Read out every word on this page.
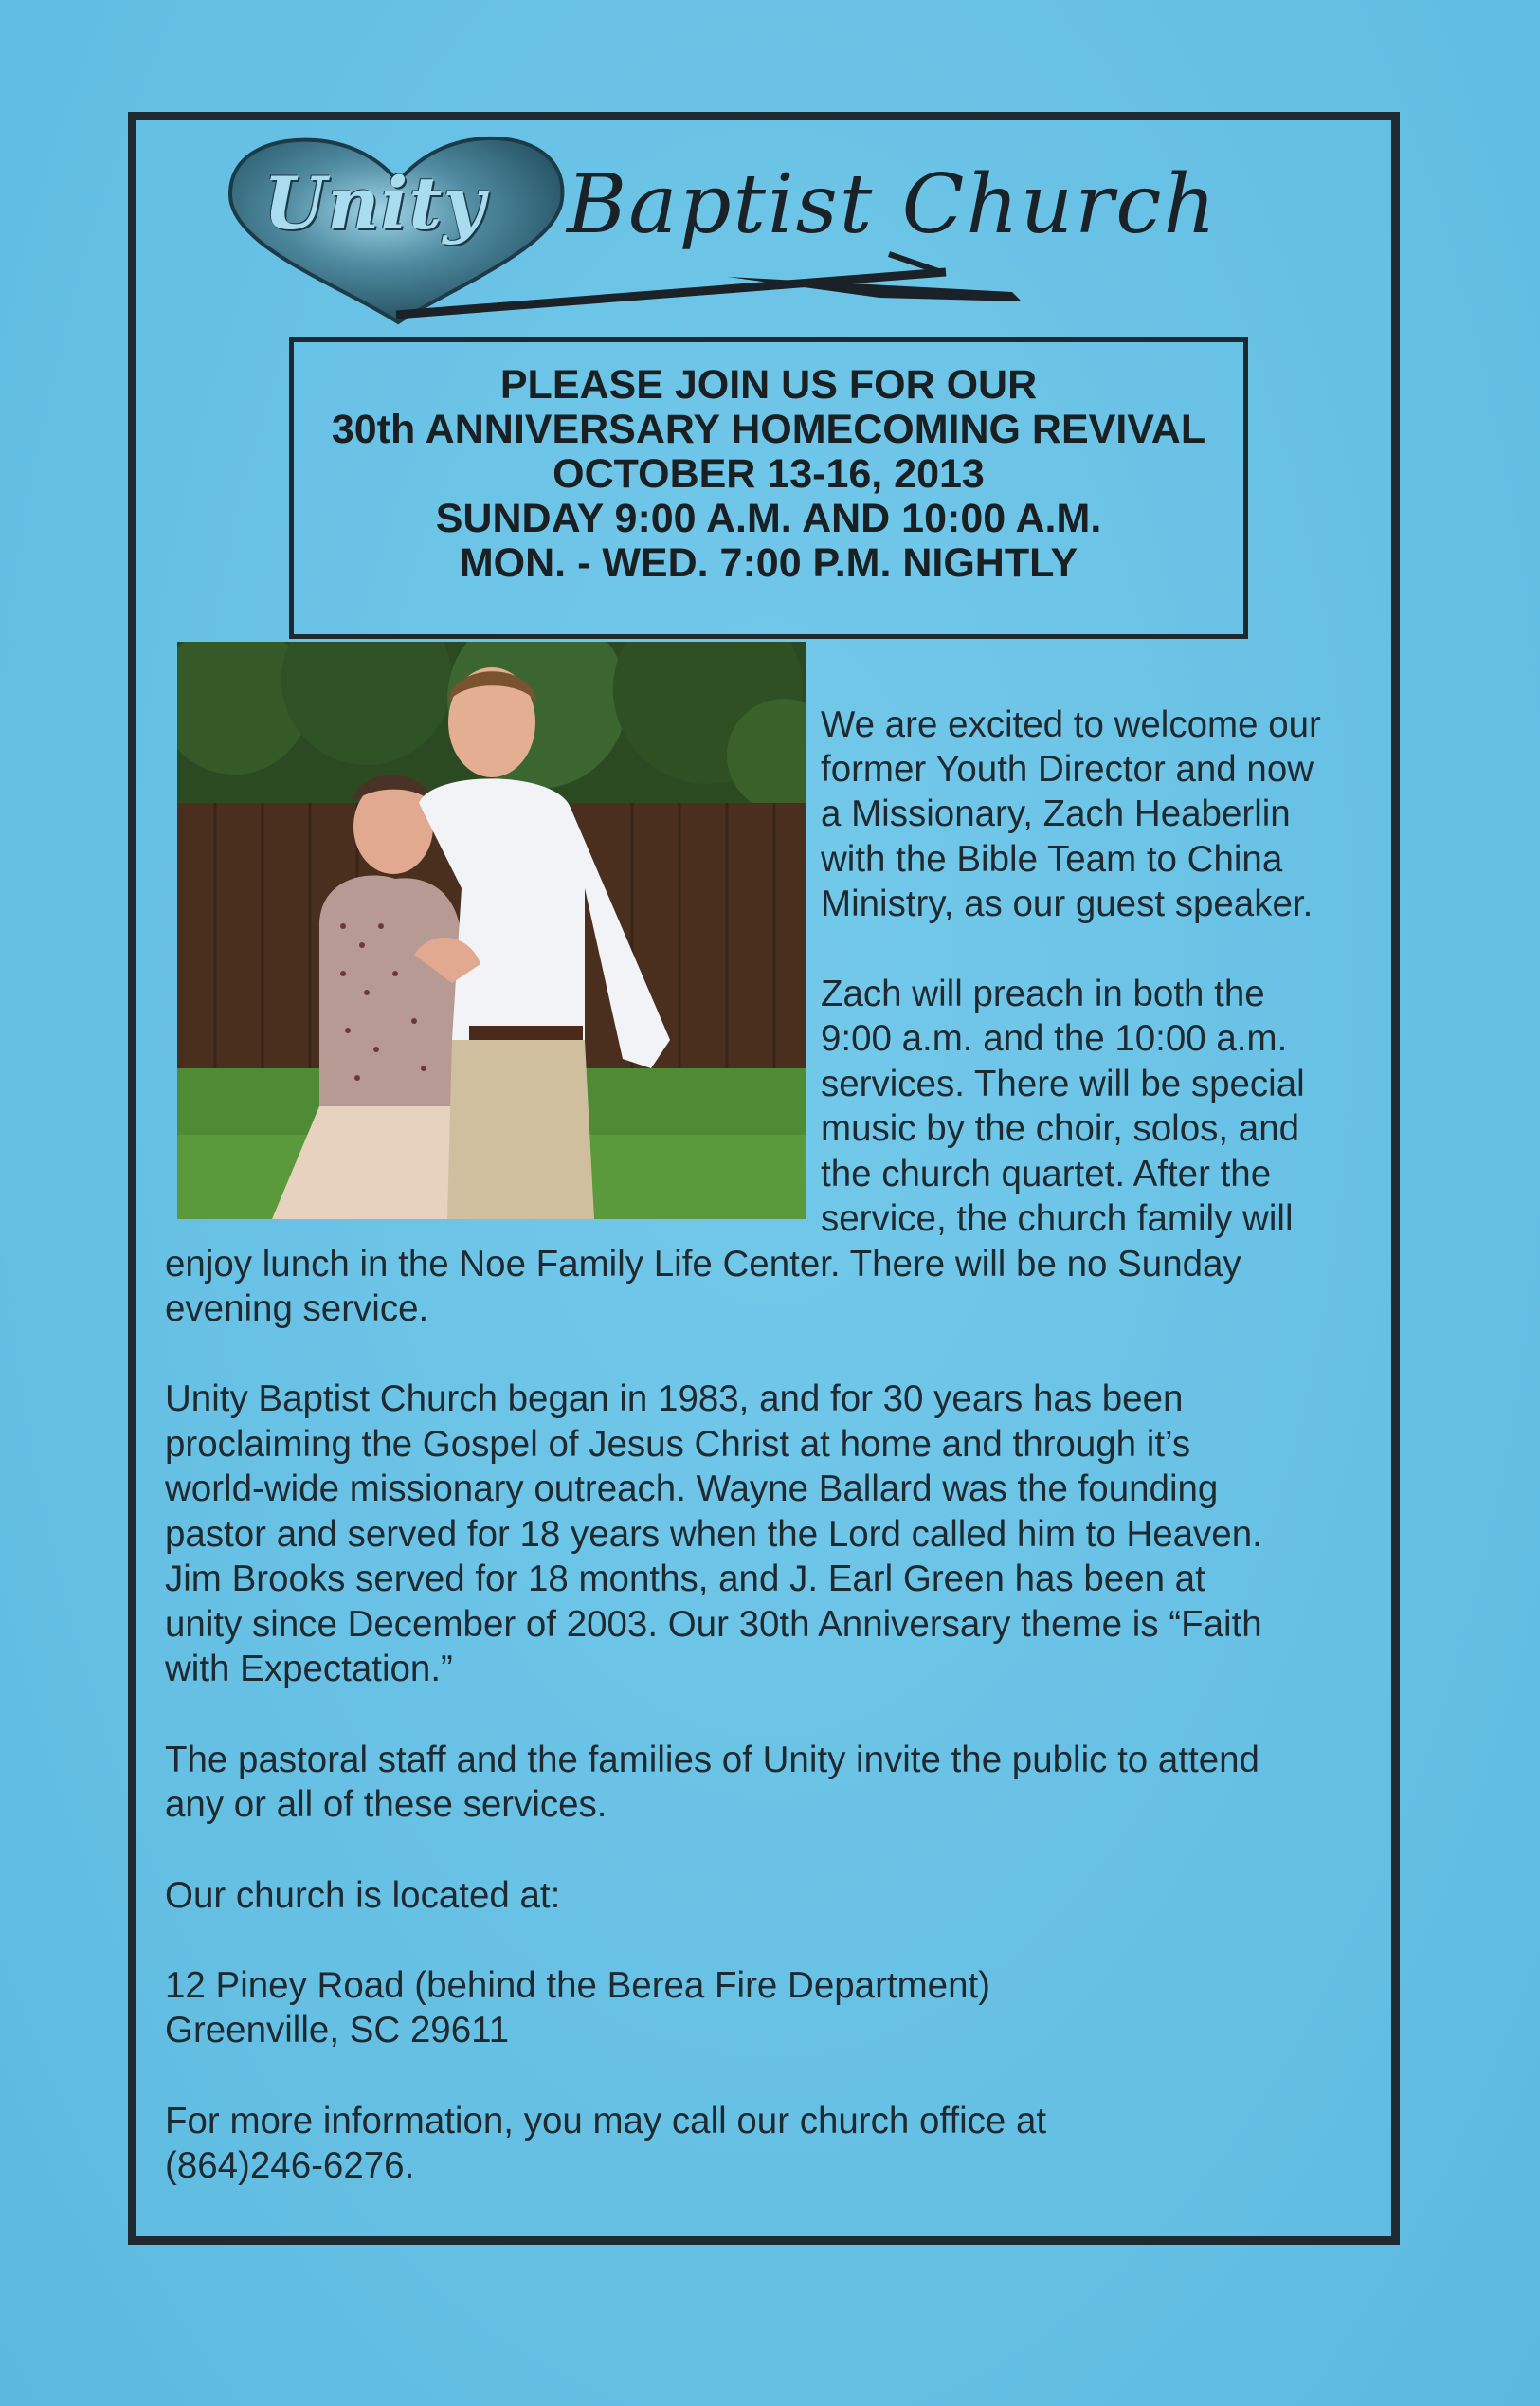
Unity Baptist Church
PLEASE JOIN US FOR OUR
30th ANNIVERSARY HOMECOMING REVIVAL
OCTOBER 13-16, 2013
SUNDAY 9:00 A.M. AND 10:00 A.M.
MON. - WED. 7:00 P.M. NIGHTLY
We are excited to welcome our
former Youth Director and now
a Missionary, Zach Heaberlin
with the Bible Team to China
Ministry, as our guest speaker.
Zach will preach in both the
9:00 a.m. and the 10:00 a.m.
services. There will be special
music by the choir, solos, and
the church quartet. After the
service, the church family will
enjoy lunch in the Noe Family Life Center. There will be no Sunday
evening service.
Unity Baptist Church began in 1983, and for 30 years has been
proclaiming the Gospel of Jesus Christ at home and through it’s
world-wide missionary outreach. Wayne Ballard was the founding
pastor and served for 18 years when the Lord called him to Heaven.
Jim Brooks served for 18 months, and J. Earl Green has been at
unity since December of 2003. Our 30th Anniversary theme is “Faith
with Expectation.”
The pastoral staff and the families of Unity invite the public to attend
any or all of these services.
Our church is located at:
12 Piney Road (behind the Berea Fire Department)
Greenville, SC 29611
For more information, you may call our church office at
(864)246-6276.
